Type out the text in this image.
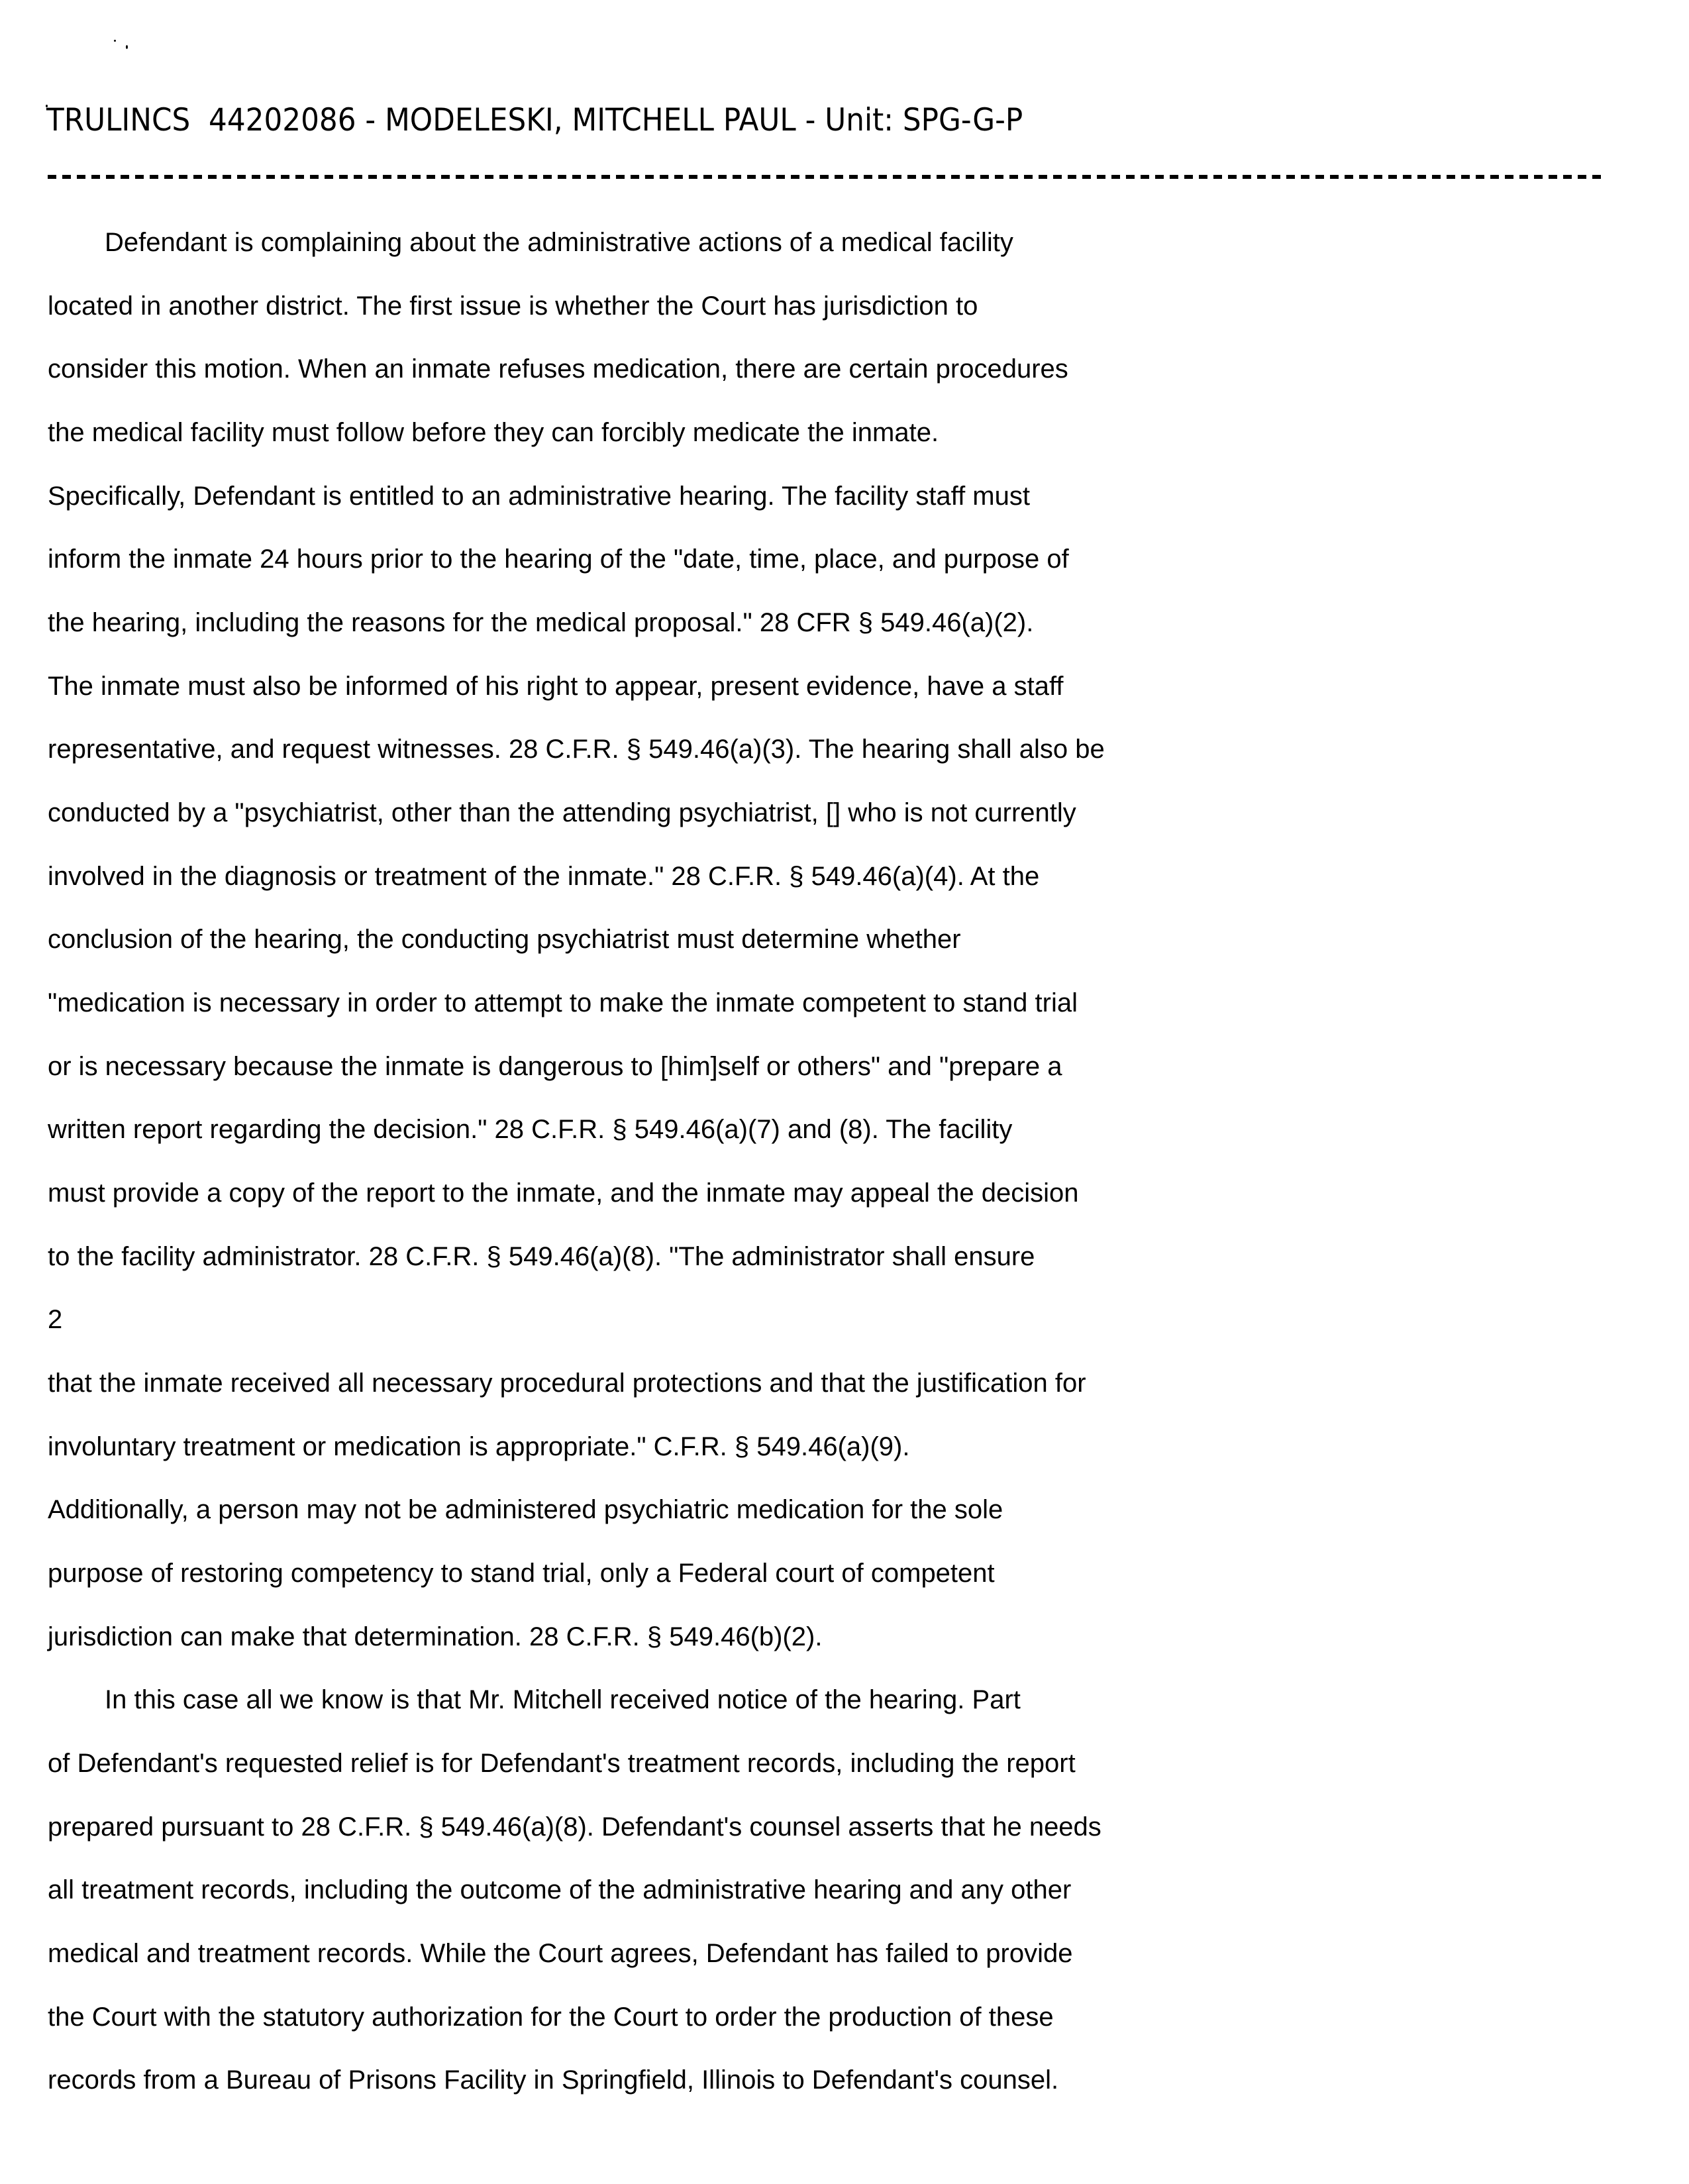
TRULINCS  44202086 - MODELESKI, MITCHELL PAUL - Unit: SPG-G-P
Defendant is complaining about the administrative actions of a medical facility
located in another district. The first issue is whether the Court has jurisdiction to
consider this motion. When an inmate refuses medication, there are certain procedures
the medical facility must follow before they can forcibly medicate the inmate.
Specifically, Defendant is entitled to an administrative hearing. The facility staff must
inform the inmate 24 hours prior to the hearing of the "date, time, place, and purpose of
the hearing, including the reasons for the medical proposal." 28 CFR § 549.46(a)(2).
The inmate must also be informed of his right to appear, present evidence, have a staff
representative, and request witnesses. 28 C.F.R. § 549.46(a)(3). The hearing shall also be
conducted by a "psychiatrist, other than the attending psychiatrist, [] who is not currently
involved in the diagnosis or treatment of the inmate." 28 C.F.R. § 549.46(a)(4). At the
conclusion of the hearing, the conducting psychiatrist must determine whether
"medication is necessary in order to attempt to make the inmate competent to stand trial
or is necessary because the inmate is dangerous to [him]self or others" and "prepare a
written report regarding the decision." 28 C.F.R. § 549.46(a)(7) and (8). The facility
must provide a copy of the report to the inmate, and the inmate may appeal the decision
to the facility administrator. 28 C.F.R. § 549.46(a)(8). "The administrator shall ensure
2
that the inmate received all necessary procedural protections and that the justification for
involuntary treatment or medication is appropriate." C.F.R. § 549.46(a)(9).
Additionally, a person may not be administered psychiatric medication for the sole
purpose of restoring competency to stand trial, only a Federal court of competent
jurisdiction can make that determination. 28 C.F.R. § 549.46(b)(2).
In this case all we know is that Mr. Mitchell received notice of the hearing. Part
of Defendant's requested relief is for Defendant's treatment records, including the report
prepared pursuant to 28 C.F.R. § 549.46(a)(8). Defendant's counsel asserts that he needs
all treatment records, including the outcome of the administrative hearing and any other
medical and treatment records. While the Court agrees, Defendant has failed to provide
the Court with the statutory authorization for the Court to order the production of these
records from a Bureau of Prisons Facility in Springfield, Illinois to Defendant's counsel.
